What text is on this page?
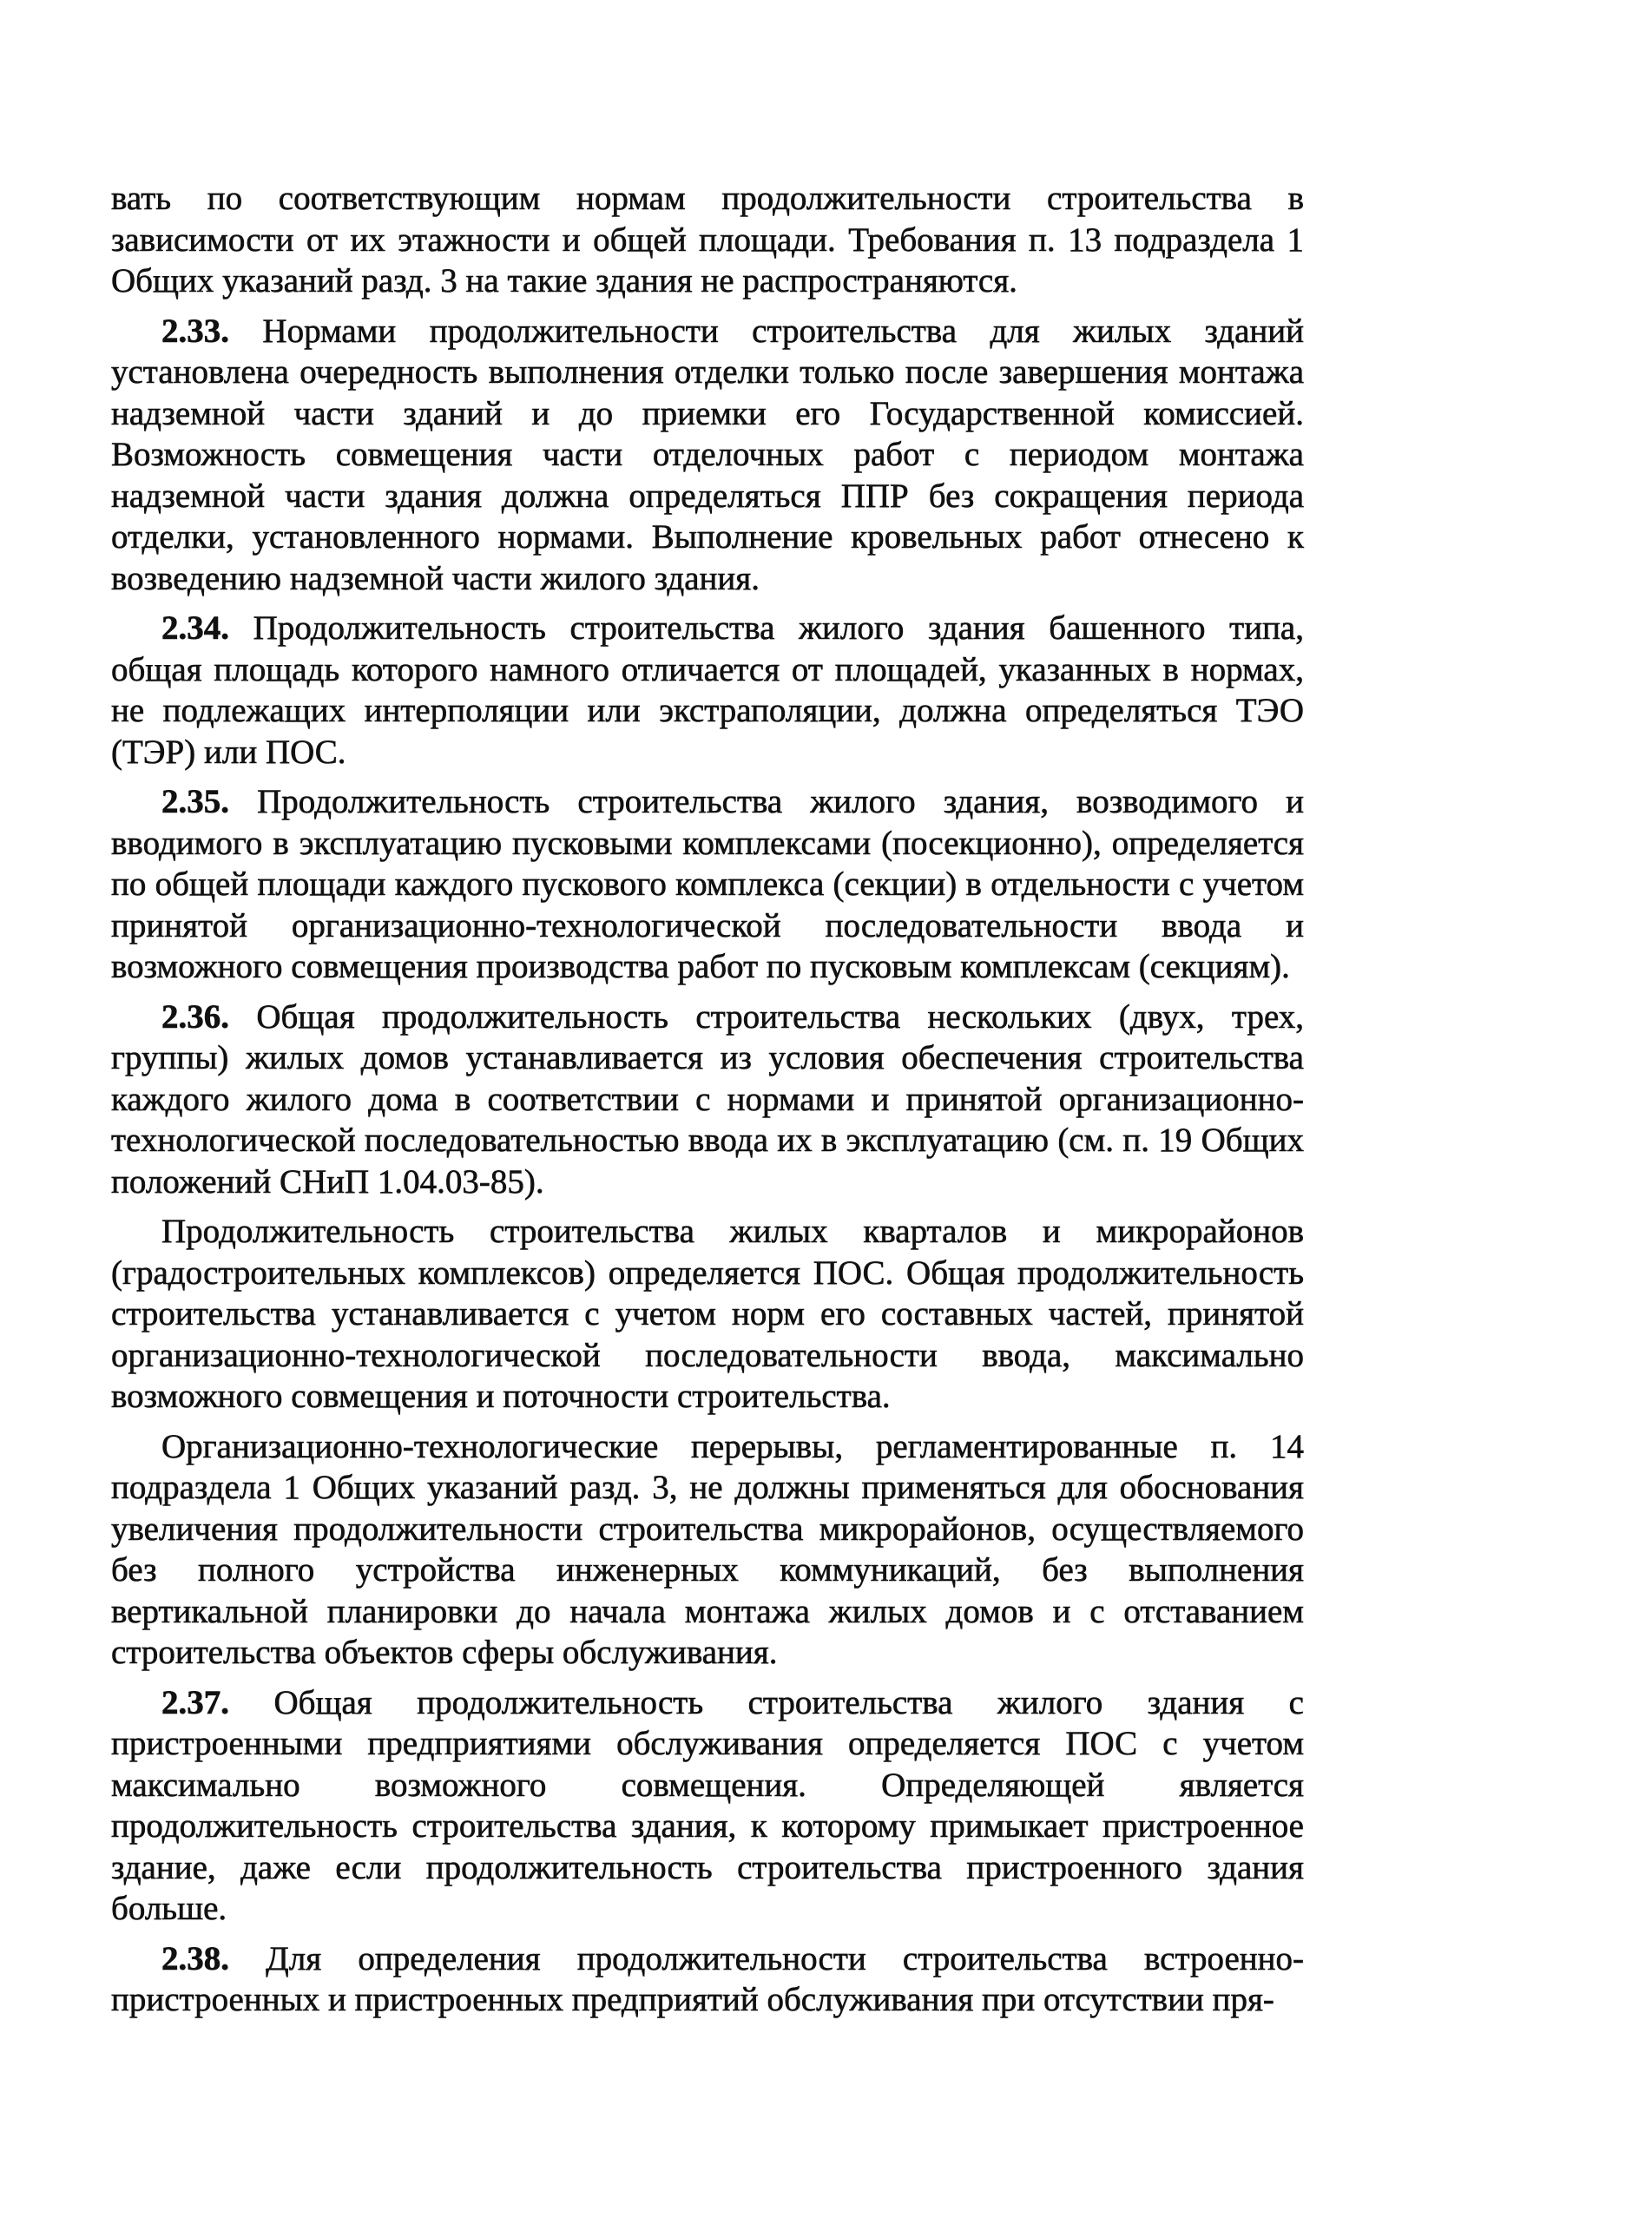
вать по соответствующим нормам продолжительности строительства в зависимости от их этажности и общей площади. Требования п. 13 подраздела 1 Общих указаний разд. 3 на такие здания не распространяются.

2.33. Нормами продолжительности строительства для жилых зданий установлена очередность выполнения отделки только после завершения монтажа надземной части зданий и до приемки его Государственной комиссией. Возможность совмещения части отделочных работ с периодом монтажа надземной части здания должна определяться ППР без сокращения периода отделки, установленного нормами. Выполнение кровельных работ отнесено к возведению надземной части жилого здания.

2.34. Продолжительность строительства жилого здания башенного типа, общая площадь которого намного отличается от площадей, указанных в нормах, не подлежащих интерполяции или экстраполяции, должна определяться ТЭО (ТЭР) или ПОС.

2.35. Продолжительность строительства жилого здания, возводимого и вводимого в эксплуатацию пусковыми комплексами (посекционно), определяется по общей площади каждого пускового комплекса (секции) в отдельности с учетом принятой организационно-технологической последовательности ввода и возможного совмещения производства работ по пусковым комплексам (секциям).

2.36. Общая продолжительность строительства нескольких (двух, трех, группы) жилых домов устанавливается из условия обеспечения строительства каждого жилого дома в соответствии с нормами и принятой организационно-технологической последовательностью ввода их в эксплуатацию (см. п. 19 Общих положений СНиП 1.04.03-85).

Продолжительность строительства жилых кварталов и микрорайонов (градостроительных комплексов) определяется ПОС. Общая продолжительность строительства устанавливается с учетом норм его составных частей, принятой организационно-технологической последовательности ввода, максимально возможного совмещения и поточности строительства.

Организационно-технологические перерывы, регламентированные п. 14 подраздела 1 Общих указаний разд. 3, не должны применяться для обоснования увеличения продолжительности строительства микрорайонов, осуществляемого без полного устройства инженерных коммуникаций, без выполнения вертикальной планировки до начала монтажа жилых домов и с отставанием строительства объектов сферы обслуживания.

2.37. Общая продолжительность строительства жилого здания с пристроенными предприятиями обслуживания определяется ПОС с учетом максимально возможного совмещения. Определяющей является продолжительность строительства здания, к которому примыкает пристроенное здание, даже если продолжительность строительства пристроенного здания больше.

2.38. Для определения продолжительности строительства встроенно-пристроенных и пристроенных предприятий обслуживания при отсутствии пря-
